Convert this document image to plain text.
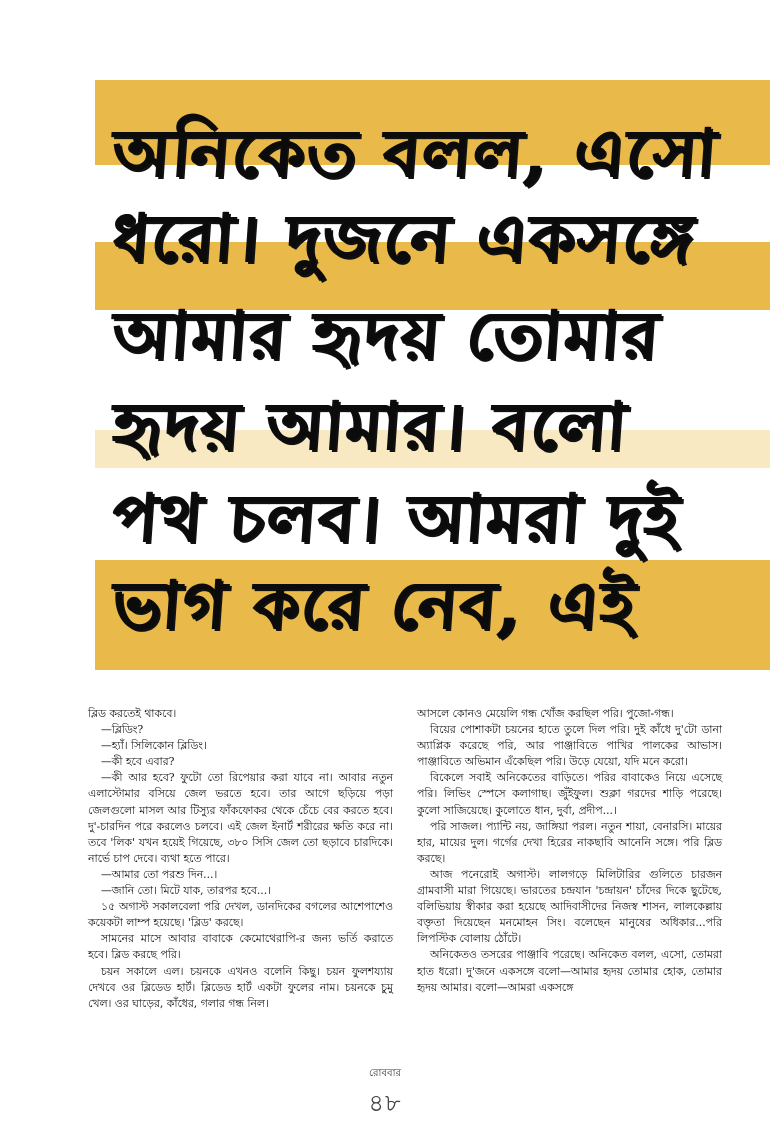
অনিকেত বলল, এসো
ধরো। দুজনে একসঙ্গে
আমার হৃদয় তোমার
হৃদয় আমার। বলো
পথ চলব। আমরা দুই
ভাগ করে নেব, এই

ব্লিড করতেই থাকবে।

—ব্লিডিং?

—হ্যাঁ। সিলিকোন ব্লিডিং।

—কী হবে এবার?

—কী আর হবে? ফুটো তো রিপেয়ার করা যাবে না। আবার নতুন এলাস্টোমার বসিয়ে জেল ভরতে হবে। তার আগে ছড়িয়ে পড়া জেলগুলো মাসল আর টিস্যুর ফাঁকফোকর থেকে চেঁচে বের করতে হবে। দু'-চারদিন পরে করলেও চলবে। এই জেল ইনার্ট শরীরের ক্ষতি করে না। তবে 'লিক' যখন হয়েই গিয়েছে, ৩৮০ সিসি জেল তো ছড়াবে চারদিকে। নার্ভে চাপ দেবে। ব্যথা হতে পারে।

—আমার তো পরশু দিন...।

—জানি তো। মিটে যাক, তারপর হবে...।

১৫ অগাস্ট সকালবেলা পরি দেখল, ডানদিকের বগলের আশেপাশেও কয়েকটা লাম্প হয়েছে। 'ব্লিড' করছে।

সামনের মাসে আবার বাবাকে কেমোথেরাপি-র জন্য ভর্তি করাতে হবে। ব্লিড করছে পরি।

চয়ন সকালে এল। চয়নকে এখনও বলেনি কিছু। চয়ন ফুলশয্যায় দেখবে ওর ব্লিডেড হার্ট। ব্লিডেড হার্ট একটা ফুলের নাম। চয়নকে চুমু খেল। ওর ঘাড়ের, কাঁধের, গলার গন্ধ নিল।

আসলে কোনও মেয়েলি গন্ধ খোঁজ করছিল পরি। পুজো-গন্ধ।

বিয়ের পোশাকটা চয়নের হাতে তুলে দিল পরি। দুই কাঁধে দু'টো ডানা অ্যাপ্লিক করেছে পরি, আর পাঞ্জাবিতে পাখির পালকের আভাস। পাঞ্জাবিতে অভিমান এঁকেছিল পরি। উড়ে যেয়ো, যদি মনে করো।

বিকেলে সবাই অনিকেতের বাড়িতে। পরির বাবাকেও নিয়ে এসেছে পরি। লিভিং স্পেসে কলাগাছ। জুঁইফুল। শুক্লা গরদের শাড়ি পরেছে। কুলো সাজিয়েছে। কুলোতে ধান, দুর্বা, প্রদীপ...।

পরি সাজল। প্যান্টি নয়, জাঙ্গিয়া পরল। নতুন শায়া, বেনারসি। মায়ের হার, মায়ের দুল। গর্গের দেখা হিরের নাকছাবি আনেনি সঙ্গে। পরি ব্লিড করছে।

আজ পনেরোই অগাস্ট। লালগড়ে মিলিটারির গুলিতে চারজন গ্রামবাসী মারা গিয়েছে। ভারতের চন্দ্রযান 'চন্দ্রায়ন' চাঁদের দিকে ছুটেছে, বলিভিয়ায় স্বীকার করা হয়েছে আদিবাসীদের নিজস্ব শাসন, লালকেল্লায় বক্তৃতা দিয়েছেন মনমোহন সিং। বলেছেন মানুষের অধিকার...পরি লিপস্টিক বোলায় ঠোঁটে।

অনিকেতও তসরের পাঞ্জাবি পরেছে। অনিকেত বলল, এসো, তোমরা হাত ধরো। দু'জনে একসঙ্গে বলো—আমার হৃদয় তোমার হোক, তোমার হৃদয় আমার। বলো—আমরা একসঙ্গে

রোববার
৪৮
